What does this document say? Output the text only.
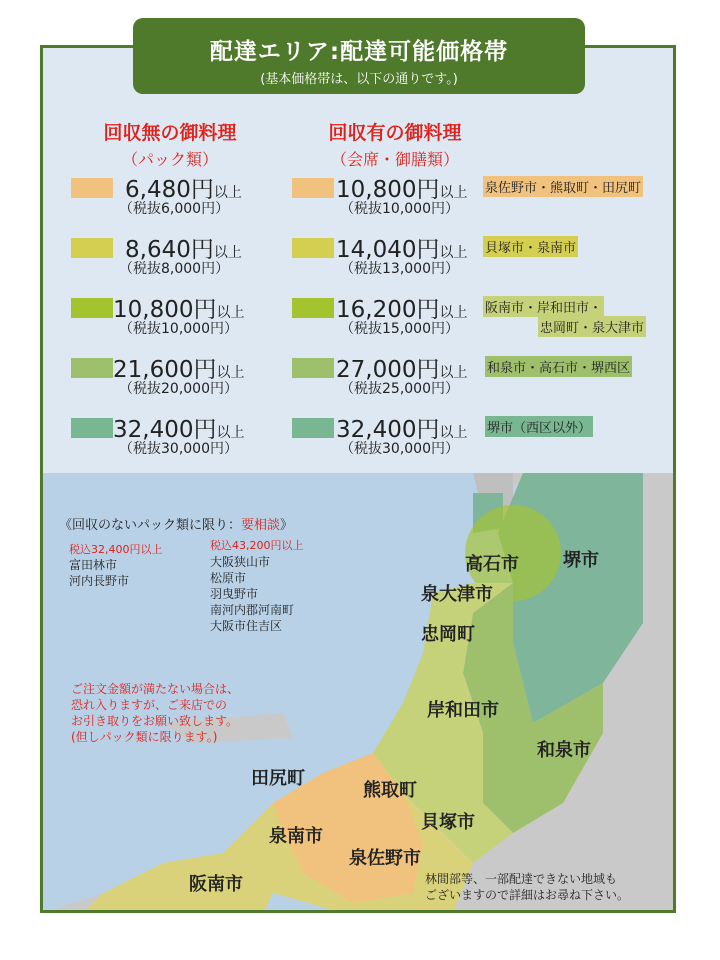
高石市 堺市
泉大津市
忠岡町
岸和田市
和泉市
田尻町
熊取町
貝塚市
泉南市
泉佐野市
阪南市
《回収のないパック類に限り：要相談》
税込32,400円以上
富田林市
河内長野市
税込43,200円以上
大阪狭山市
松原市
羽曳野市
南河内郡河南町
大阪市住吉区
ご注文金額が満たない場合は、
恐れ入りますが、ご来店での
お引き取りをお願い致します。
(但しパック類に限ります。)
林間部等、一部配達できない地域も
ございますので詳細はお尋ね下さい。
配達エリア:配達可能価格帯
(基本価格帯は、以下の通りです。)
回収無の御料理
（パック類）
回収有の御料理
（会席・御膳類）
6,480円以上
（税抜6,000円）
8,640円以上
（税抜8,000円）
10,800円以上
（税抜10,000円）
21,600円以上
（税抜20,000円）
32,400円以上
（税抜30,000円）
10,800円以上
（税抜10,000円）
泉佐野市・熊取町・田尻町
14,040円以上
（税抜13,000円）
貝塚市・泉南市
16,200円以上
（税抜15,000円）
阪南市・岸和田市・
忠岡町・泉大津市
27,000円以上
（税抜25,000円）
和泉市・高石市・堺西区
32,400円以上
（税抜30,000円）
堺市（西区以外）
